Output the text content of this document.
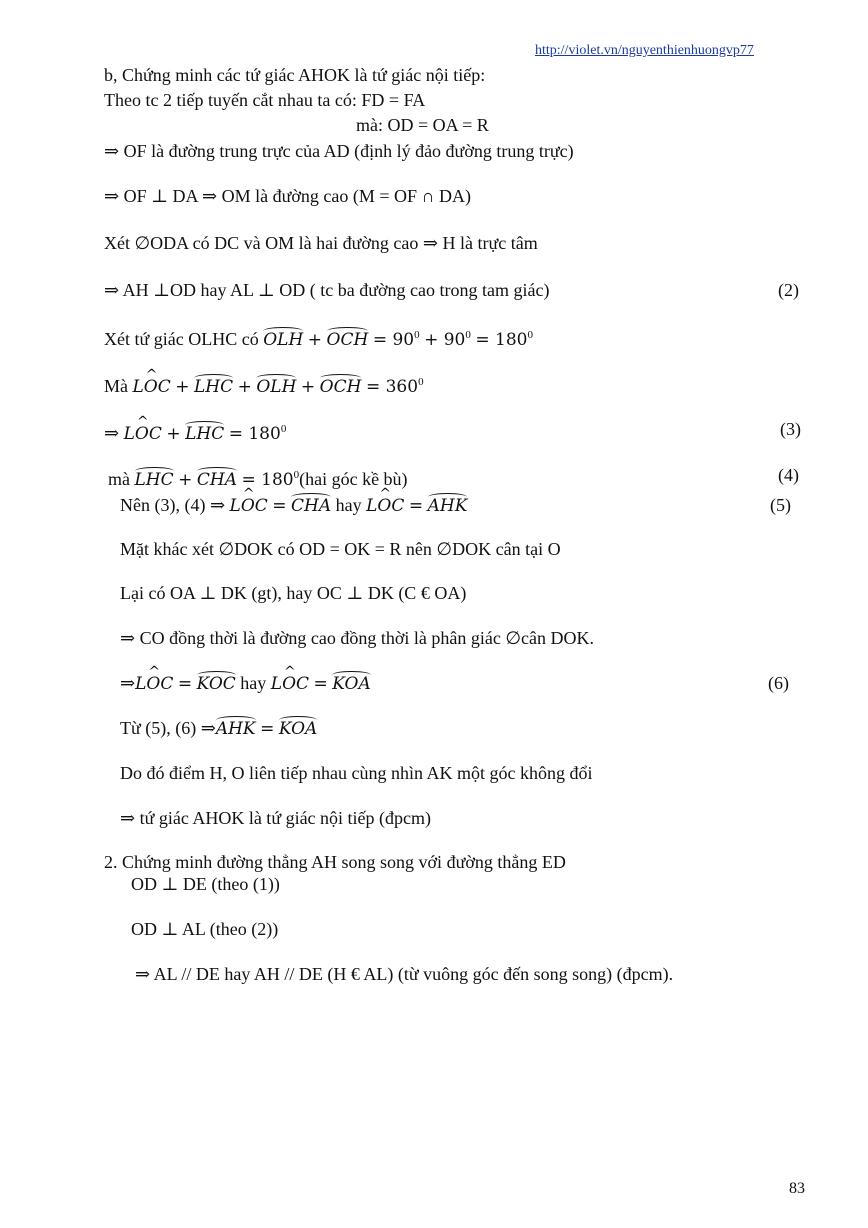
http://violet.vn/nguyenthienhuongvp77
b, Chứng minh các tứ giác AHOK là tứ giác nội tiếp:
Theo tc 2 tiếp tuyến cắt nhau ta có: FD = FA
mà: OD = OA = R
⇒ OF là đường trung trực của AD (định lý đảo đường trung trực)
⇒ OF ⊥ DA ⇒ OM là đường cao (M = OF ∩ DA)
Xét ∅ODA có DC và OM là hai đường cao ⇒ H là trực tâm
⇒ AH ⊥OD hay AL ⊥ OD ( tc ba đường cao trong tam giác)	(2)
Xét tứ giác OLHC có OLH + OCH = $90^0 + 90^0 = 180^0$
Mà ^ LOC + LHC + OLH + OCH = $360^0$
⇒ ^ LOC + LHC = $180^0$	(3)
mà LHC + CHA = $180^0(hai$ góc kề bù)	(4)
Nên (3), (4) ⇒ ^ LOC = CHA hay ^ LOC = AHK	(5)
Mặt khác xét ∅DOK có OD = OK = R nên ∅DOK cân tại O
Lại có OA ⊥ DK (gt), hay OC ⊥ DK (C € OA)
⇒ CO đồng thời là đường cao đồng thời là phân giác ∅cân DOK.
⇒^ LOC = KOC hay ^ LOC = KOA	(6)
Từ (5), (6) ⇒AHK = KOA
Do đó điểm H, O liên tiếp nhau cùng nhìn AK một góc không đổi
⇒ tứ giác AHOK là tứ giác nội tiếp (đpcm)
2. Chứng minh đường thẳng AH song song với đường thẳng ED
OD ⊥ DE (theo (1))
OD ⊥ AL (theo (2))
⇒ AL // DE hay AH // DE (H € AL) (từ vuông góc đến song song) (đpcm).
83
